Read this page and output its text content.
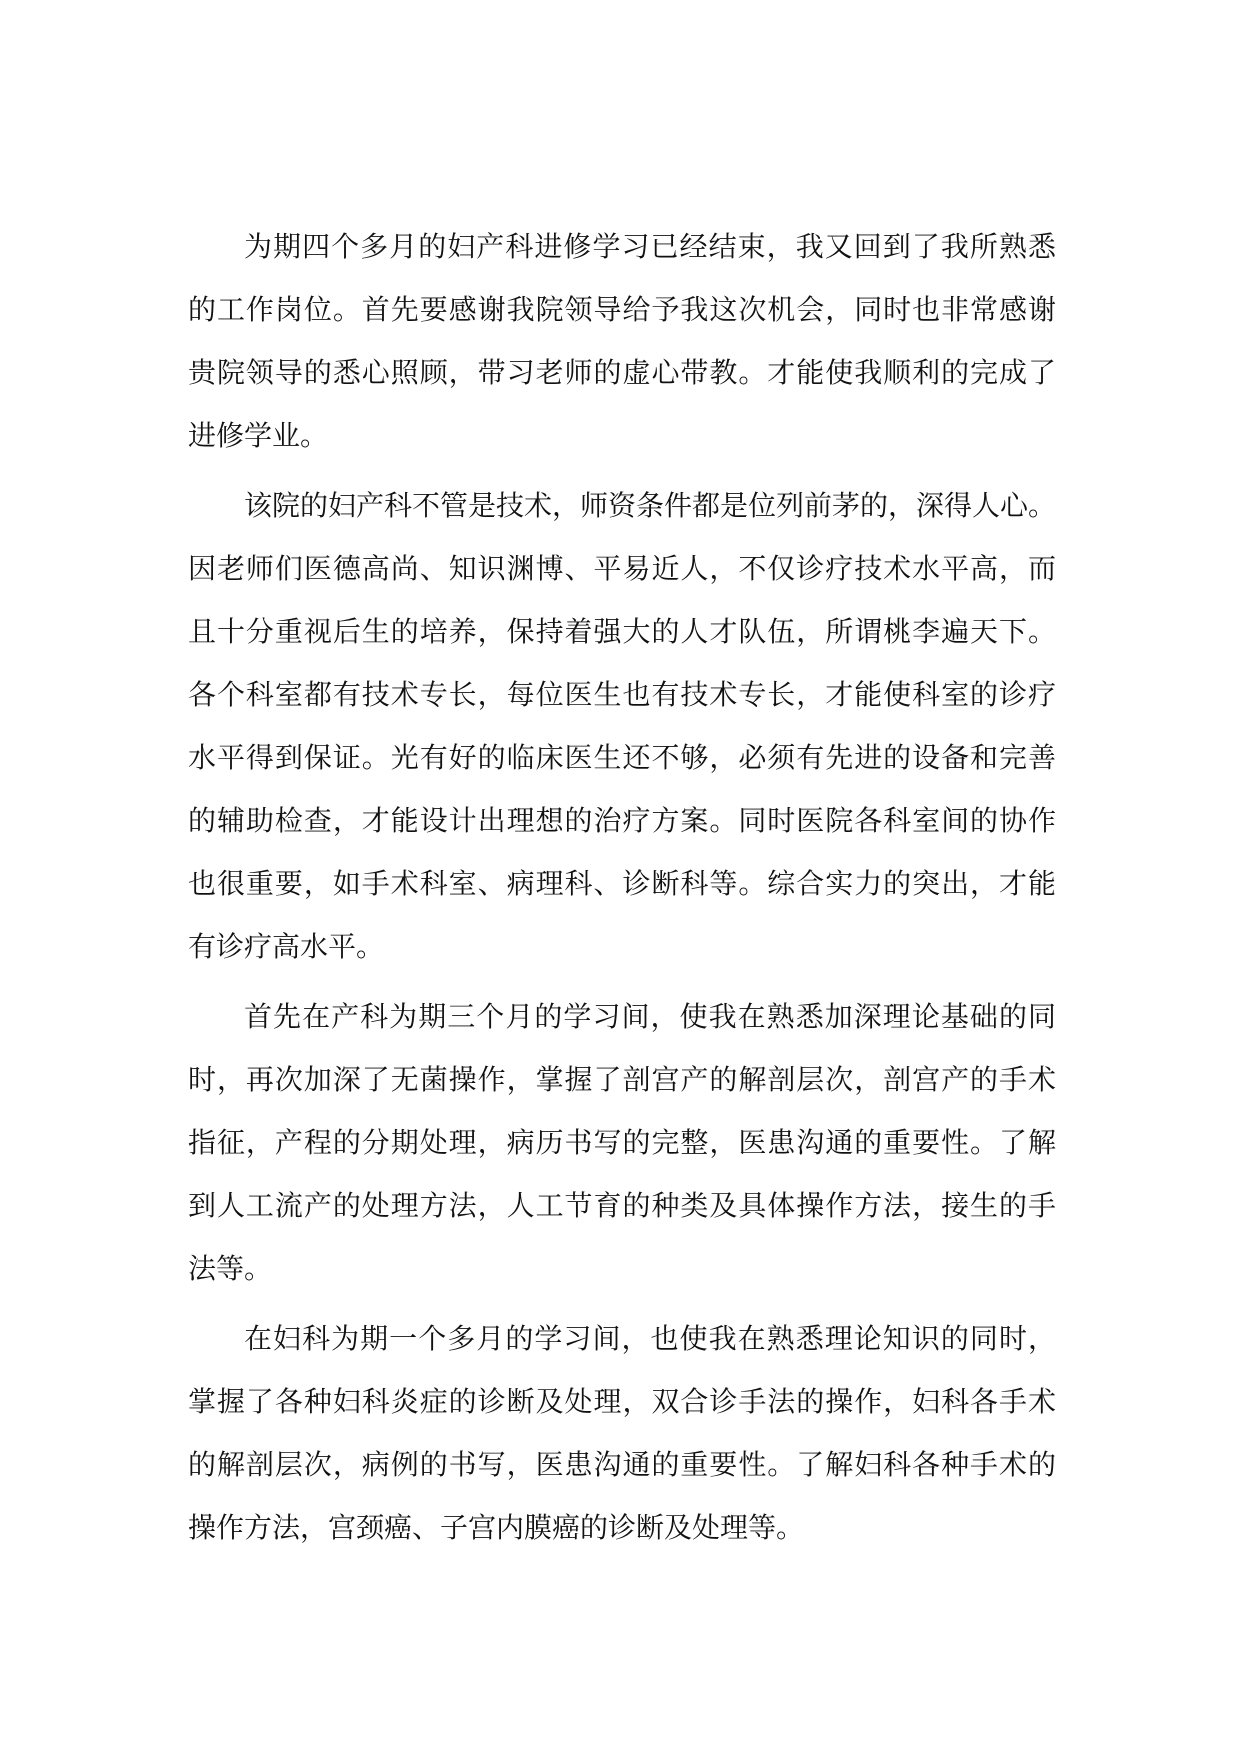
为期四个多月的妇产科进修学习已经结束，我又回到了我所熟悉
的工作岗位。首先要感谢我院领导给予我这次机会，同时也非常感谢
贵院领导的悉心照顾，带习老师的虚心带教。才能使我顺利的完成了
进修学业。
该院的妇产科不管是技术，师资条件都是位列前茅的，深得人心。
因老师们医德高尚、知识渊博、平易近人，不仅诊疗技术水平高，而
且十分重视后生的培养，保持着强大的人才队伍，所谓桃李遍天下。
各个科室都有技术专长，每位医生也有技术专长，才能使科室的诊疗
水平得到保证。光有好的临床医生还不够，必须有先进的设备和完善
的辅助检查，才能设计出理想的治疗方案。同时医院各科室间的协作
也很重要，如手术科室、病理科、诊断科等。综合实力的突出，才能
有诊疗高水平。
首先在产科为期三个月的学习间，使我在熟悉加深理论基础的同
时，再次加深了无菌操作，掌握了剖宫产的解剖层次，剖宫产的手术
指征，产程的分期处理，病历书写的完整，医患沟通的重要性。了解
到人工流产的处理方法，人工节育的种类及具体操作方法，接生的手
法等。
在妇科为期一个多月的学习间，也使我在熟悉理论知识的同时，
掌握了各种妇科炎症的诊断及处理，双合诊手法的操作，妇科各手术
的解剖层次，病例的书写，医患沟通的重要性。了解妇科各种手术的
操作方法，宫颈癌、子宫内膜癌的诊断及处理等。
